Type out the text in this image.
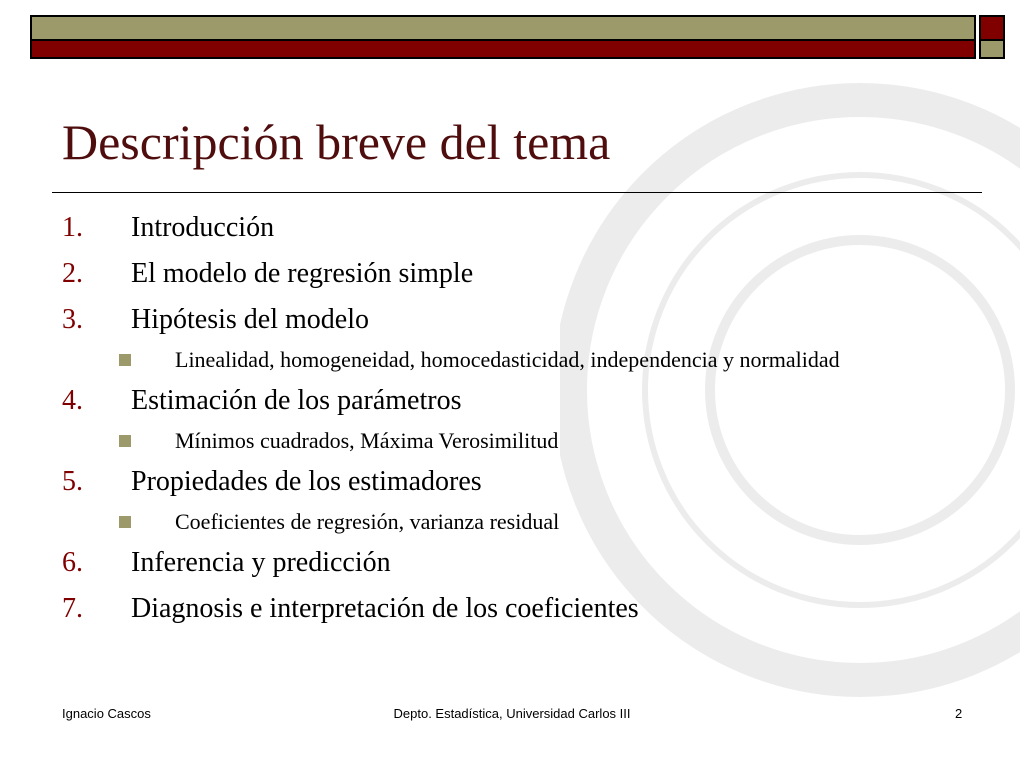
Descripción breve del tema
1. Introducción
2. El modelo de regresión simple
3. Hipótesis del modelo
Linealidad, homogeneidad, homocedasticidad, independencia y normalidad
4. Estimación de los parámetros
Mínimos cuadrados, Máxima Verosimilitud
5. Propiedades de los estimadores
Coeficientes de regresión, varianza residual
6. Inferencia y predicción
7. Diagnosis e interpretación de los coeficientes
Ignacio Cascos	Depto. Estadística, Universidad Carlos III	2
